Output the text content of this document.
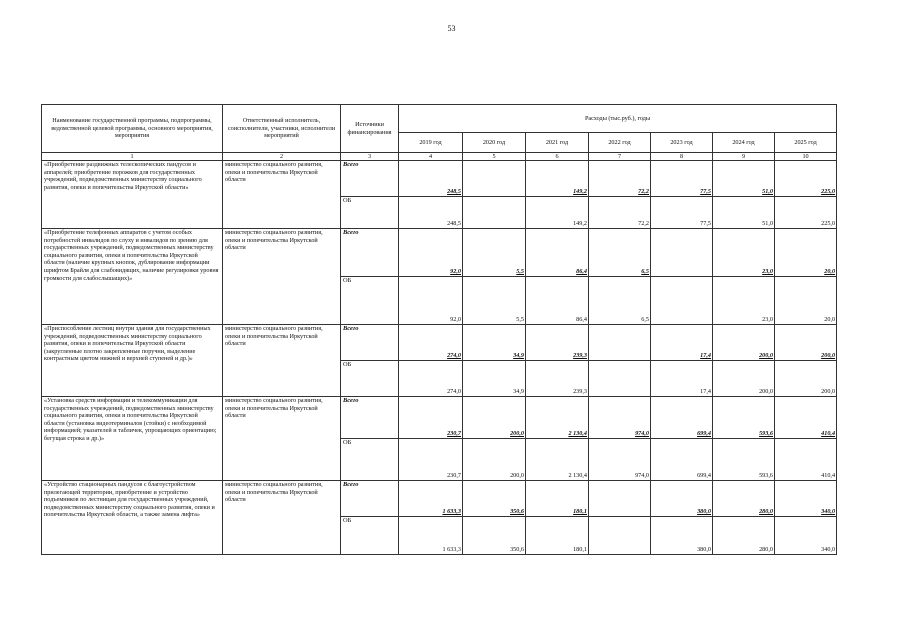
53
Наименование государственной программы, подпрограммы, ведомственной целевой программы, основного мероприятия, мероприятия	Ответственный исполнитель, соисполнители, участники, исполнители мероприятий	Источники финансирования	Расходы (тыс.руб.), годы						
			2019 год	2020 год	2021 год	2022 год	2023 год	2024 год	2025 год
1	2	3	4	5	6	7	8	9	10
«Приобретение раздвижных телескопических пандусов и аппарелей; приобретение порожков для государственных учреждений, подведомственных министерству социального развития, опеки и попечительства Иркутской области»	министерство социального развития, опеки и попечительства Иркутской области	Всего	248,5		149,2	72,2	77,5	51,0	225,0
		ОБ	248,5		149,2	72,2	77,5	51,0	225,0
«Приобретение телефонных аппаратов с учетом особых потребностей инвалидов по слуху и инвалидов по зрению для государственных учреждений, подведомственных министерству социального развития, опеки и попечительства Иркутской области (наличие крупных кнопок, дублирование информации шрифтом Брайля для слабовидящих, наличие регулировки уровня громкости для слабослышащих)»	министерство социального развития, опеки и попечительства Иркутской области	Всего	92,0	5,5	86,4	6,5		23,0	20,0
		ОБ	92,0	5,5	86,4	6,5		23,0	20,0
«Приспособление лестниц внутри здания для государственных учреждений, подведомственных министерству социального развития, опеки и попечительства Иркутской области (закругленные плотно закрепленные поручни, выделение контрастным цветом нижней и верхней ступеней и др.)»	министерство социального развития, опеки и попечительства Иркутской области	Всего	274,0	34,9	239,3		17,4	200,0	200,0
		ОБ	274,0	34,9	239,3		17,4	200,0	200,0
«Установка средств информации и телекоммуникации для государственных учреждений, подведомственных министерству социального развития, опеки и попечительства Иркутской области (установка видеотерминалов (стойки) с необходимой информацией; указателей и табличек, упрощающих ориентацию; бегущая строка и др.)»	министерство социального развития, опеки и попечительства Иркутской области	Всего	230,7	200,0	2 130,4	974,0	699,4	593,6	410,4
		ОБ	230,7	200,0	2 130,4	974,0	699,4	593,6	410,4
«Устройство стационарных пандусов с благоустройством прилегающей территории, приобретение и устройство подъемников по лестницам для государственных учреждений, подведомственных министерству социального развития, опеки и попечительства Иркутской области, а также замена лифта»	министерство социального развития, опеки и попечительства Иркутской области	Всего	1 633,3	350,6	180,1		380,0	280,0	340,0
		ОБ	1 633,3	350,6	180,1		380,0	280,0	340,0
